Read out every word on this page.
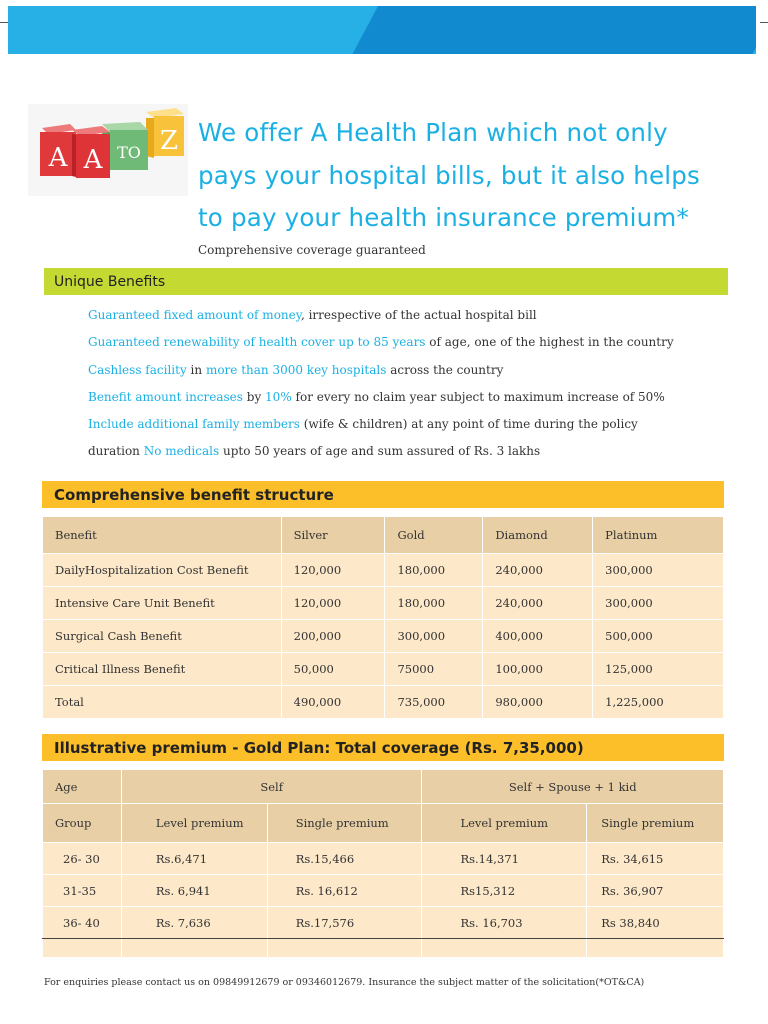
A A TO Z We offer A Health Plan which not only
pays your hospital bills, but it also helps
to pay your health insurance premium*
Comprehensive coverage guaranteed
Unique Benefits
Guaranteed fixed amount of money, irrespective of the actual hospital bill
Guaranteed renewability of health cover up to 85 years of age, one of the highest in the country
Cashless facility in more than 3000 key hospitals across the country
Benefit amount increases by 10% for every no claim year subject to maximum increase of 50%
Include additional family members (wife & children) at any point of time during the policy
duration No medicals upto 50 years of age and sum assured of Rs. 3 lakhs
Comprehensive benefit structure
Benefit	Silver	Gold	Diamond	Platinum
DailyHospitalization Cost Benefit	120,000	180,000	240,000	300,000
Intensive Care Unit Benefit	120,000	180,000	240,000	300,000
Surgical Cash Benefit	200,000	300,000	400,000	500,000
Critical Illness Benefit	50,000	75000	100,000	125,000
Total	490,000	735,000	980,000	1,225,000
Illustrative premium - Gold Plan: Total coverage (Rs. 7,35,000)
Age	Self		Self + Spouse + 1 kid	
Group	Level premium	Single premium	Level premium	Single premium
26- 30	Rs.6,471	Rs.15,466	Rs.14,371	Rs. 34,615
31-35	Rs. 6,941	Rs. 16,612	Rs15,312	Rs. 36,907
36- 40	Rs. 7,636	Rs.17,576	Rs. 16,703	Rs 38,840

For enquiries please contact us on 09849912679 or 09346012679. Insurance the subject matter of the solicitation(*OT&CA)
